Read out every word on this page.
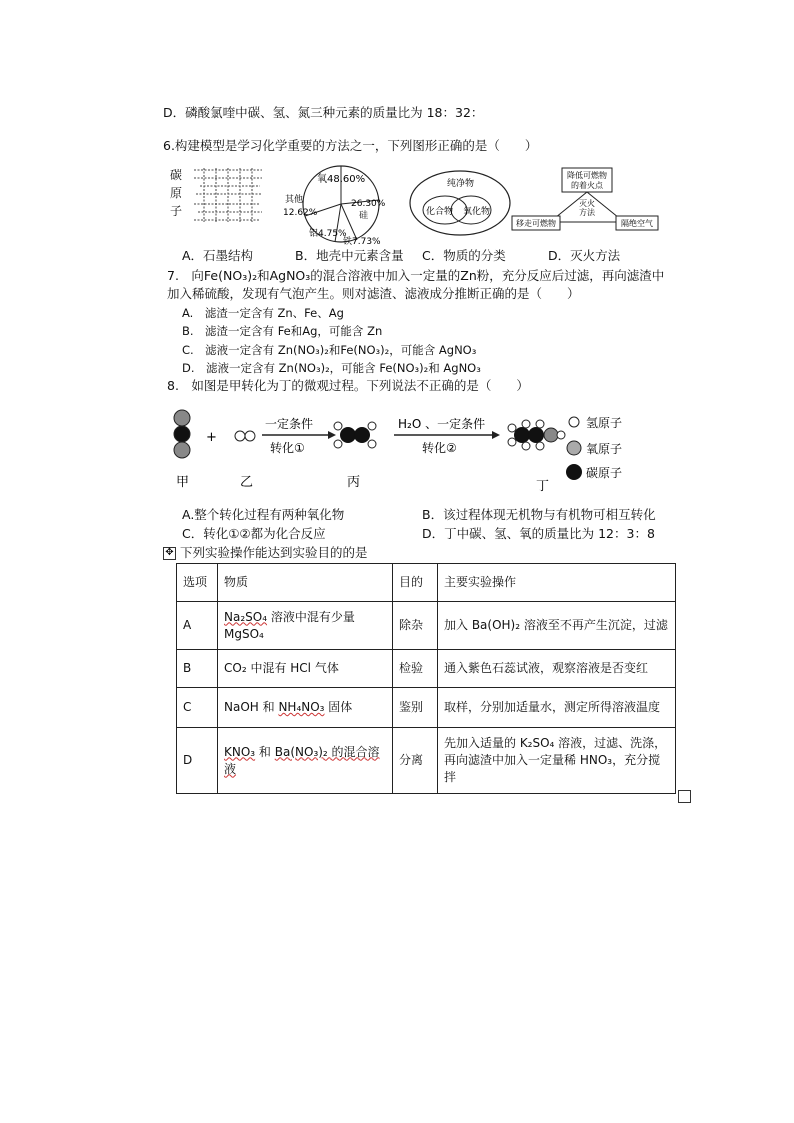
D．磷酸氯喹中碳、氢、氮三种元素的质量比为 18：32：
6.构建模型是学习化学重要的方法之一，下列图形正确的是（　　）
碳
原
子
氧48.60%
其他
12.62%
铝4.75%
铁7.73%
26.30%
硅
纯净物
化合物 氧化物
降低可燃物
的着火点
灭火
方法
移走可燃物	隔绝空气
A．石墨结构	B．地壳中元素含量 C．物质的分类	D．灭火方法
7.　向Fe(NO₃)₂和AgNO₃的混合溶液中加入一定量的Zn粉，充分反应后过滤，再向滤渣中
加入稀硫酸，发现有气泡产生。则对滤渣、滤液成分推断正确的是（　　）
A.　滤渣一定含有 Zn、Fe、Ag
B.　滤渣一定含有 Fe和Ag，可能含 Zn
C.　滤液一定含有 Zn(NO₃)₂和Fe(NO₃)₂，可能含 AgNO₃
D.　滤液一定含有 Zn(NO₃)₂，可能含 Fe(NO₃)₂和 AgNO₃
8.　如图是甲转化为丁的微观过程。下列说法不正确的是（　　）
+
一定条件
转化①
H₂O 、一定条件
转化②
氢原子
氧原子
碳原子
甲	乙	丙	丁
A.整个转化过程有两种氧化物	B．该过程体现无机物与有机物可相互转化
C．转化①②都为化合反应	D．丁中碳、氢、氧的质量比为 12：3：8
✥ 下列实验操作能达到实验目的的是
选项	物质	目的	主要实验操作
A	Na₂SO₄ 溶液中混有少量
MgSO₄	除杂	加入 Ba(OH)₂ 溶液至不再产生沉淀，过滤
B	CO₂ 中混有 HCl 气体	检验	通入紫色石蕊试液，观察溶液是否变红
C	NaOH 和 NH₄NO₃ 固体	鉴别	取样，分别加适量水，测定所得溶液温度
D	KNO₃ 和 Ba(NO₃)₂ 的混合溶液	分离	先加入适量的 K₂SO₄ 溶液，过滤、洗涤，再向滤渣中加入一定量稀 HNO₃，充分搅拌
